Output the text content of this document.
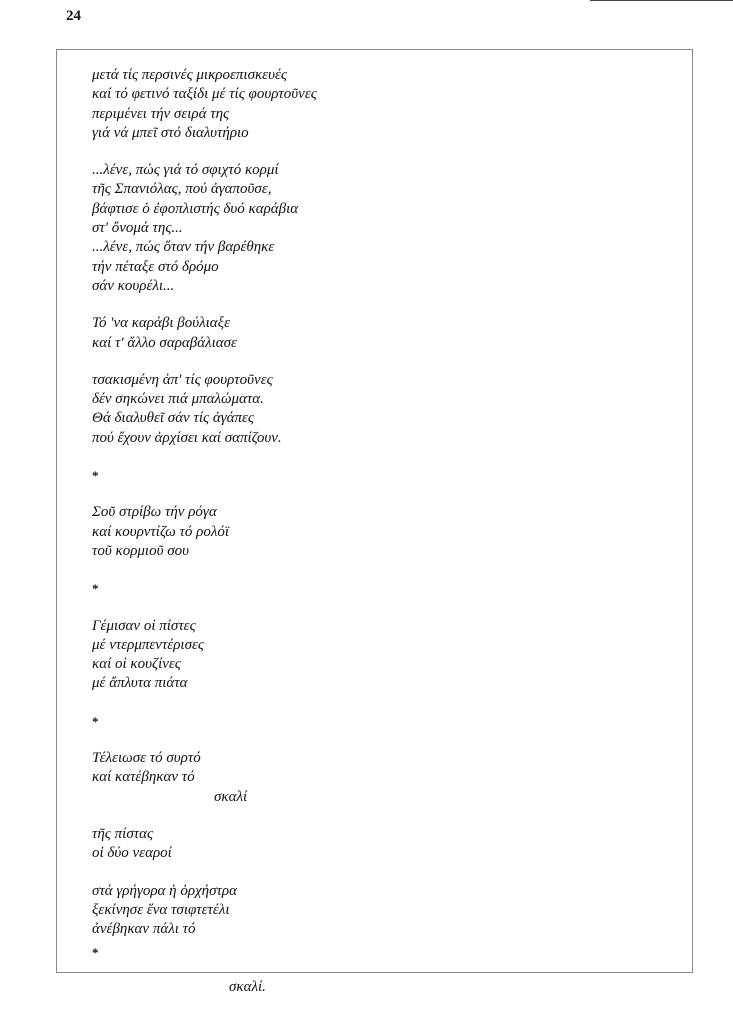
24
μετά τίς περσινές μικροεπισκευές
καί τό φετινό ταξίδι μέ τίς φουρτοῦνες
περιμένει τήν σειρά της
γιά νά μπεῖ στό διαλυτήριο
...λένε, πώς γιά τό σφιχτό κορμί
τῆς Σπανιόλας, πού ἀγαποῦσε,
βάφτισε ὁ ἐφοπλιστής δυό καράβια
στ' ὄνομά της...
...λένε, πώς ὅταν τήν βαρέθηκε
τήν πέταξε στό δρόμο
σάν κουρέλι...
Τό 'να καράβι βούλιαξε
καί τ' ἄλλο σαραβάλιασε
τσακισμένη ἀπ' τίς φουρτοῦνες
δέν σηκώνει πιά μπαλώματα.
Θά διαλυθεῖ σάν τίς ἀγάπες
πού ἔχουν ἀρχίσει καί σαπίζουν.
*
Σοῦ στρίβω τήν ρόγα
καί κουρντίζω τό ρολόϊ
τοῦ κορμιοῦ σου
*
Γέμισαν οἱ πίστες
μέ ντερμπεντέρισες
καί οἱ κουζίνες
μέ ἄπλυτα πιάτα
*
Τέλειωσε τό συρτό
καί κατέβηκαν τό
σκαλί
τῆς πίστας
οἱ δύο νεαροί
στά γρήγορα ἡ ὀρχήστρα
ξεκίνησε ἕνα τσιφτετέλι
ἀνέβηκαν πάλι τό

*

σκαλί.
